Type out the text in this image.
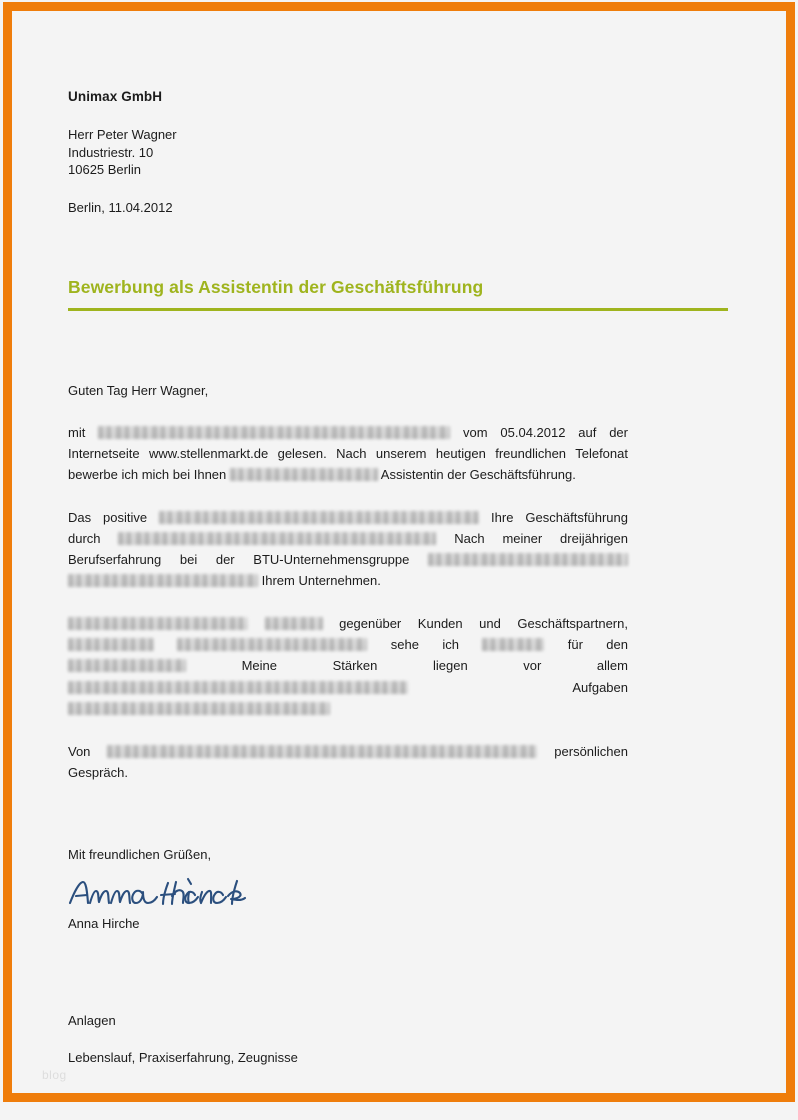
Unimax GmbH
Herr Peter Wagner
Industriestr. 10
10625 Berlin
Berlin, 11.04.2012
Bewerbung als Assistentin der Geschäftsführung
Guten Tag Herr Wagner,

mit	vom 05.04.2012 auf der Internetseite www.stellenmarkt.de gelesen. Nach unserem heutigen freundlichen Telefonat bewerbe ich mich bei Ihnen	Assistentin der Geschäftsführung.

Das positive	Ihre Geschäftsführung durch	Nach meiner dreijährigen Berufserfahrung bei der BTU-Unternehmensgruppe   Ihrem Unternehmen.

gegenüber Kunden und Geschäftspartnern,   sehe ich	für den  Meine Stärken liegen vor allem  Aufgaben

Von	persönlichen Gespräch.

Mit freundlichen Grüßen,
Anna Hirche
Anlagen
Lebenslauf, Praxiserfahrung, Zeugnisse
blog
